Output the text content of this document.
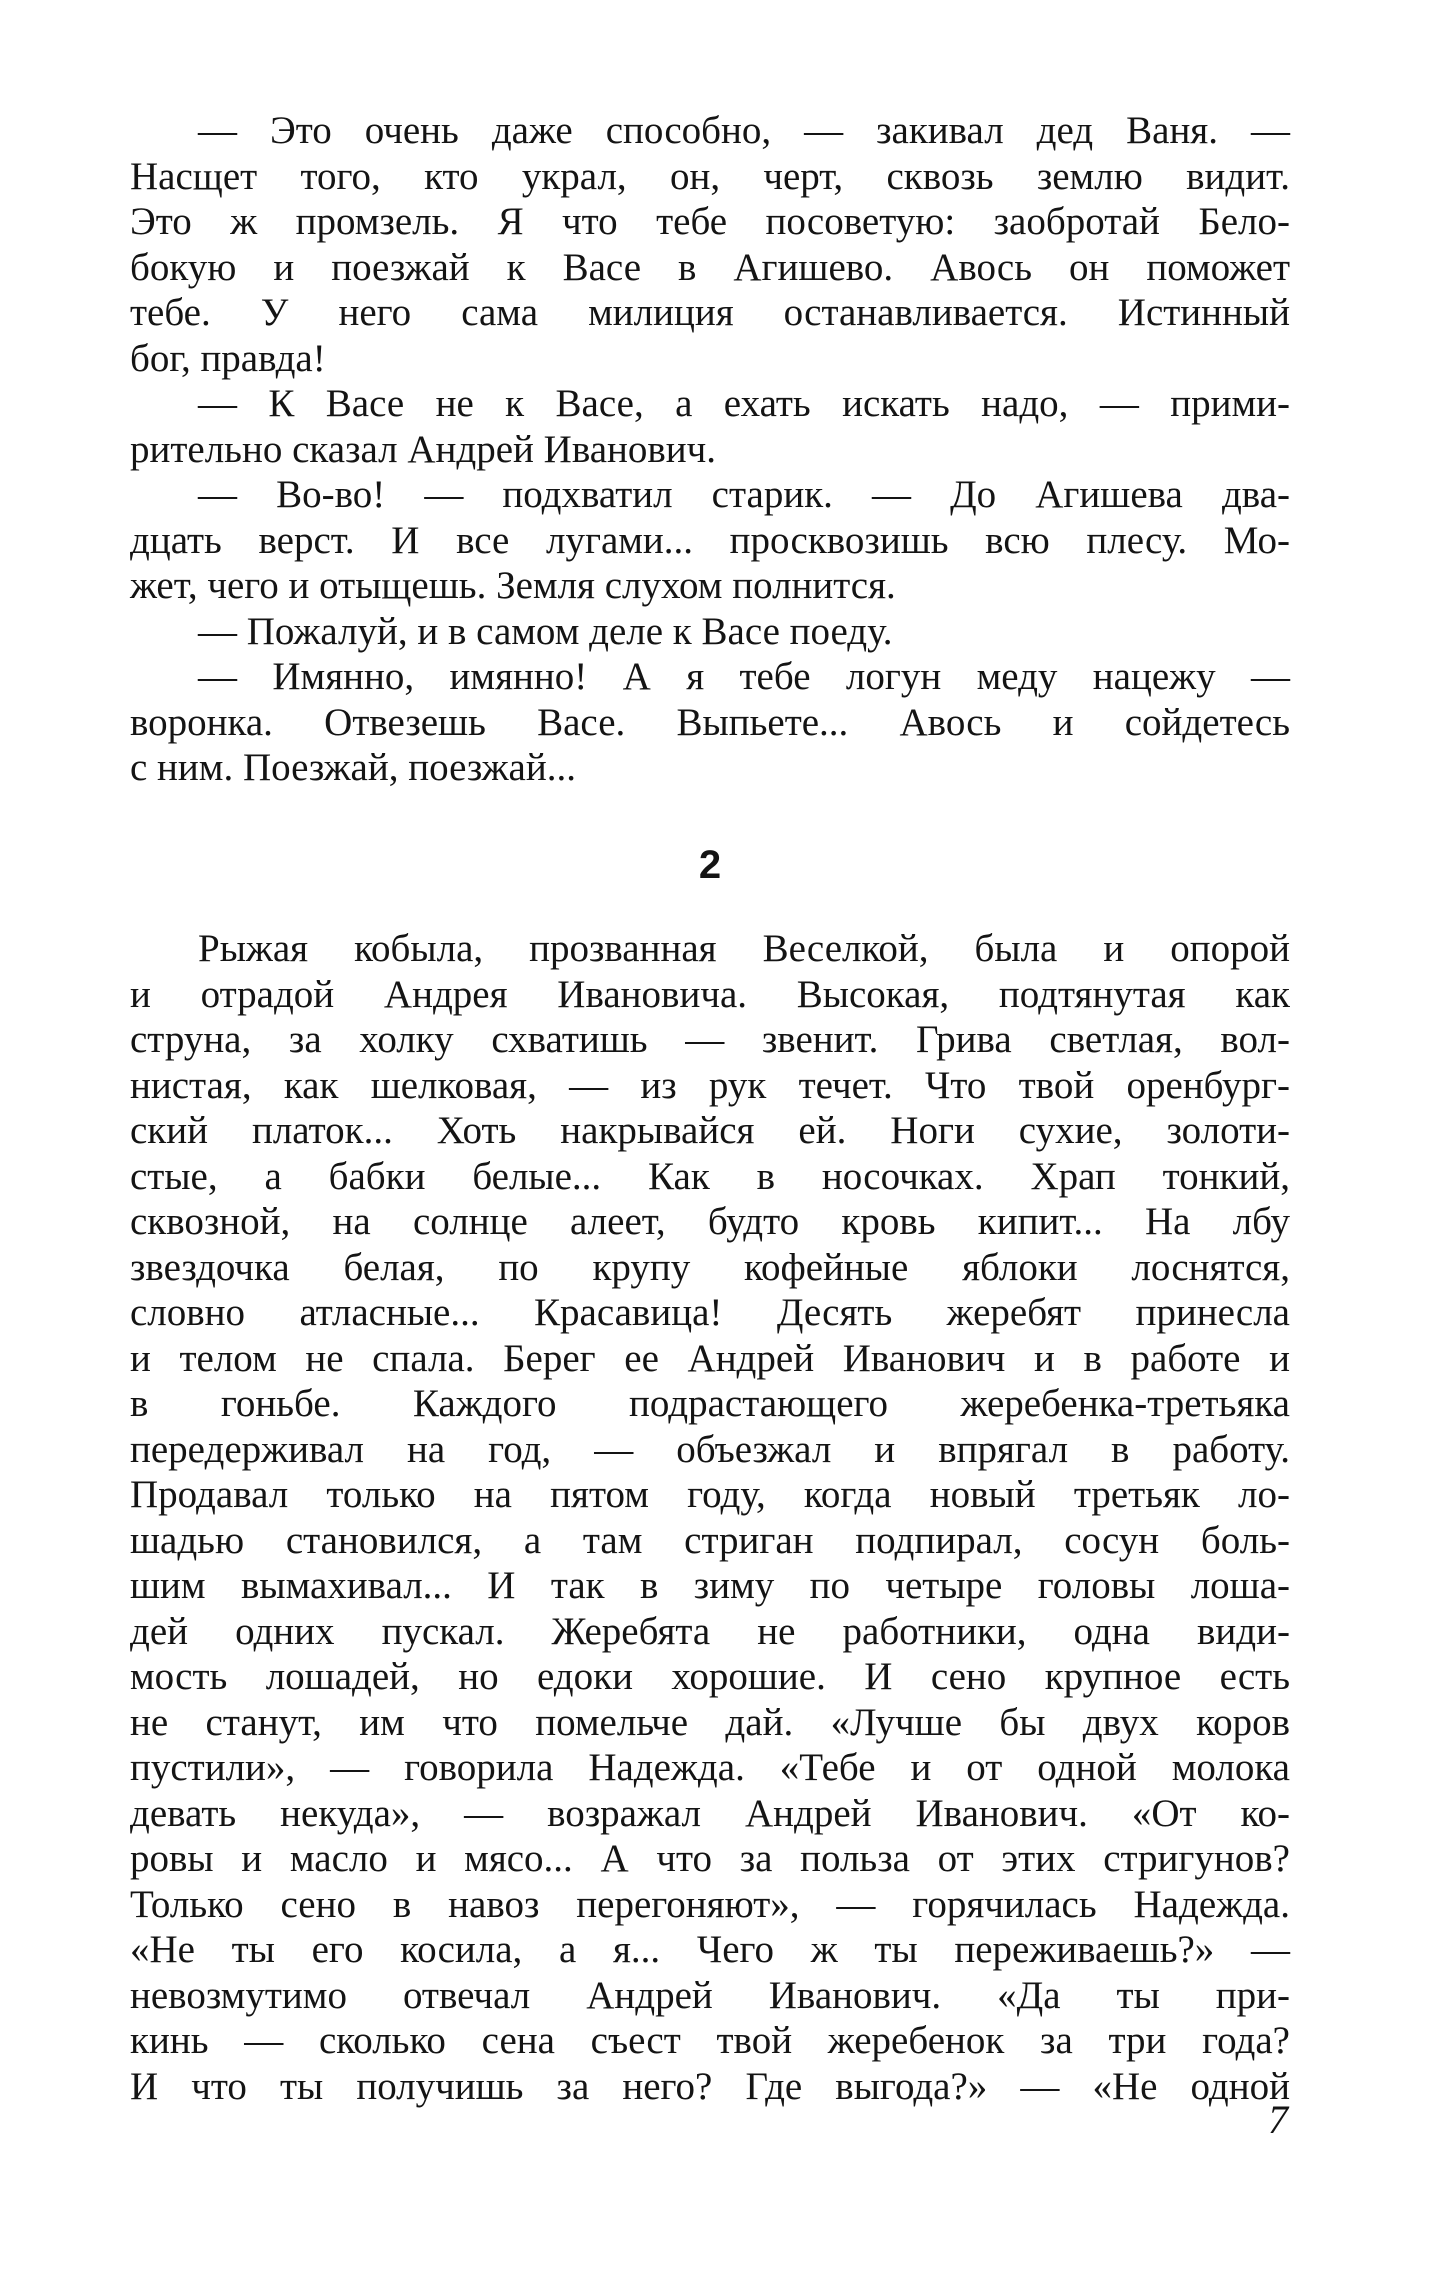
— Это очень даже способно, — закивал дед Ваня. —

Насщет того, кто украл, он, черт, сквозь землю видит.

Это ж промзель. Я что тебе посоветую: заобротай Бело-

бокую и поезжай к Васе в Агишево. Авось он поможет

тебе. У него сама милиция останавливается. Истинный

бог, правда!

— К Васе не к Васе, а ехать искать надо, — прими-

рительно сказал Андрей Иванович.

— Во-во! — подхватил старик. — До Агишева два-

дцать верст. И все лугами... просквозишь всю плесу. Мо-

жет, чего и отыщешь. Земля слухом полнится.

— Пожалуй, и в самом деле к Васе поеду.

— Имянно, имянно! А я тебе логун меду нацежу —

воронка. Отвезешь Васе. Выпьете... Авось и сойдетесь

с ним. Поезжай, поезжай...

2

Рыжая кобыла, прозванная Веселкой, была и опорой

и отрадой Андрея Ивановича. Высокая, подтянутая как

струна, за холку схватишь — звенит. Грива светлая, вол-

нистая, как шелковая, — из рук течет. Что твой оренбург-

ский платок... Хоть накрывайся ей. Ноги сухие, золоти-

стые, а бабки белые... Как в носочках. Храп тонкий,

сквозной, на солнце алеет, будто кровь кипит... На лбу

звездочка белая, по крупу кофейные яблоки лоснятся,

словно атласные... Красавица! Десять жеребят принесла

и телом не спала. Берег ее Андрей Иванович и в работе и

в гоньбе. Каждого подрастающего жеребенка-третьяка

передерживал на год, — объезжал и впрягал в работу.

Продавал только на пятом году, когда новый третьяк ло-

шадью становился, а там стриган подпирал, сосун боль-

шим вымахивал... И так в зиму по четыре головы лоша-

дей одних пускал. Жеребята не работники, одна види-

мость лошадей, но едоки хорошие. И сено крупное есть

не станут, им что помельче дай. «Лучше бы двух коров

пустили», — говорила Надежда. «Тебе и от одной молока

девать некуда», — возражал Андрей Иванович. «От ко-

ровы и масло и мясо... А что за польза от этих стригунов?

Только сено в навоз перегоняют», — горячилась Надежда.

«Не ты его косила, а я... Чего ж ты переживаешь?» —

невозмутимо отвечал Андрей Иванович. «Да ты при-

кинь — сколько сена съест твой жеребенок за три года?

И что ты получишь за него? Где выгода?» — «Не одной

7
